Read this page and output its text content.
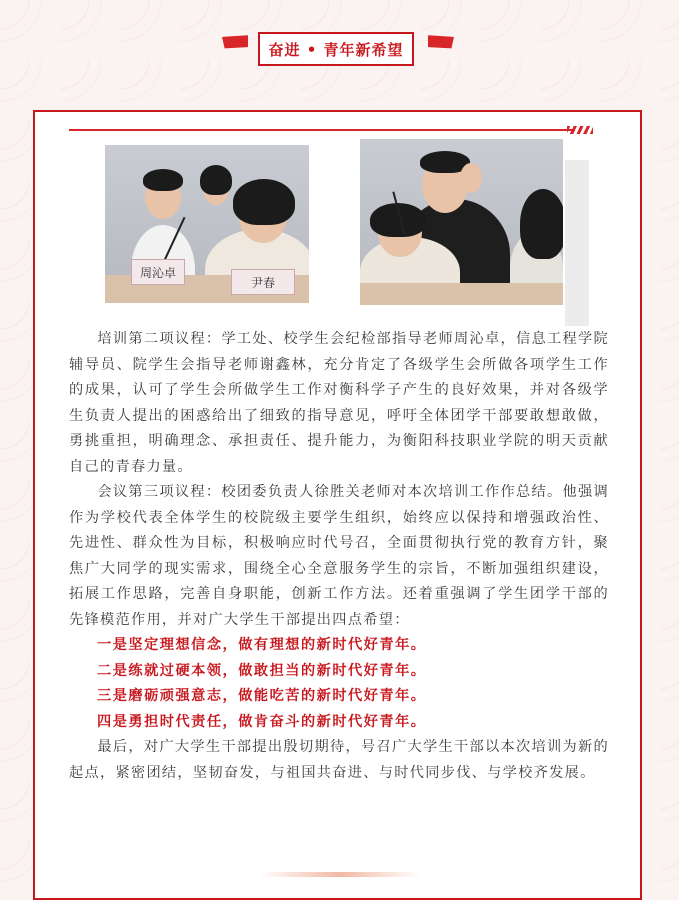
奋进 • 青年新希望
周沁卓
尹春

培训第二项议程：学工处、校学生会纪检部指导老师周沁卓，信息工程学院辅导员、院学生会指导老师谢鑫林，充分肯定了各级学生会所做各项学生工作的成果，认可了学生会所做学生工作对衡科学子产生的良好效果，并对各级学生负责人提出的困惑给出了细致的指导意见，呼吁全体团学干部要敢想敢做，勇挑重担，明确理念、承担责任、提升能力，为衡阳科技职业学院的明天贡献自己的青春力量。

会议第三项议程：校团委负责人徐胜关老师对本次培训工作作总结。他强调作为学校代表全体学生的校院级主要学生组织，始终应以保持和增强政治性、先进性、群众性为目标，积极响应时代号召，全面贯彻执行党的教育方针，聚焦广大同学的现实需求，围绕全心全意服务学生的宗旨，不断加强组织建设，拓展工作思路，完善自身职能，创新工作方法。还着重强调了学生团学干部的先锋模范作用，并对广大学生干部提出四点希望：

一是坚定理想信念，做有理想的新时代好青年。

二是练就过硬本领，做敢担当的新时代好青年。

三是磨砺顽强意志，做能吃苦的新时代好青年。

四是勇担时代责任，做肯奋斗的新时代好青年。

最后，对广大学生干部提出殷切期待，号召广大学生干部以本次培训为新的起点，紧密团结，坚韧奋发，与祖国共奋进、与时代同步伐、与学校齐发展。
